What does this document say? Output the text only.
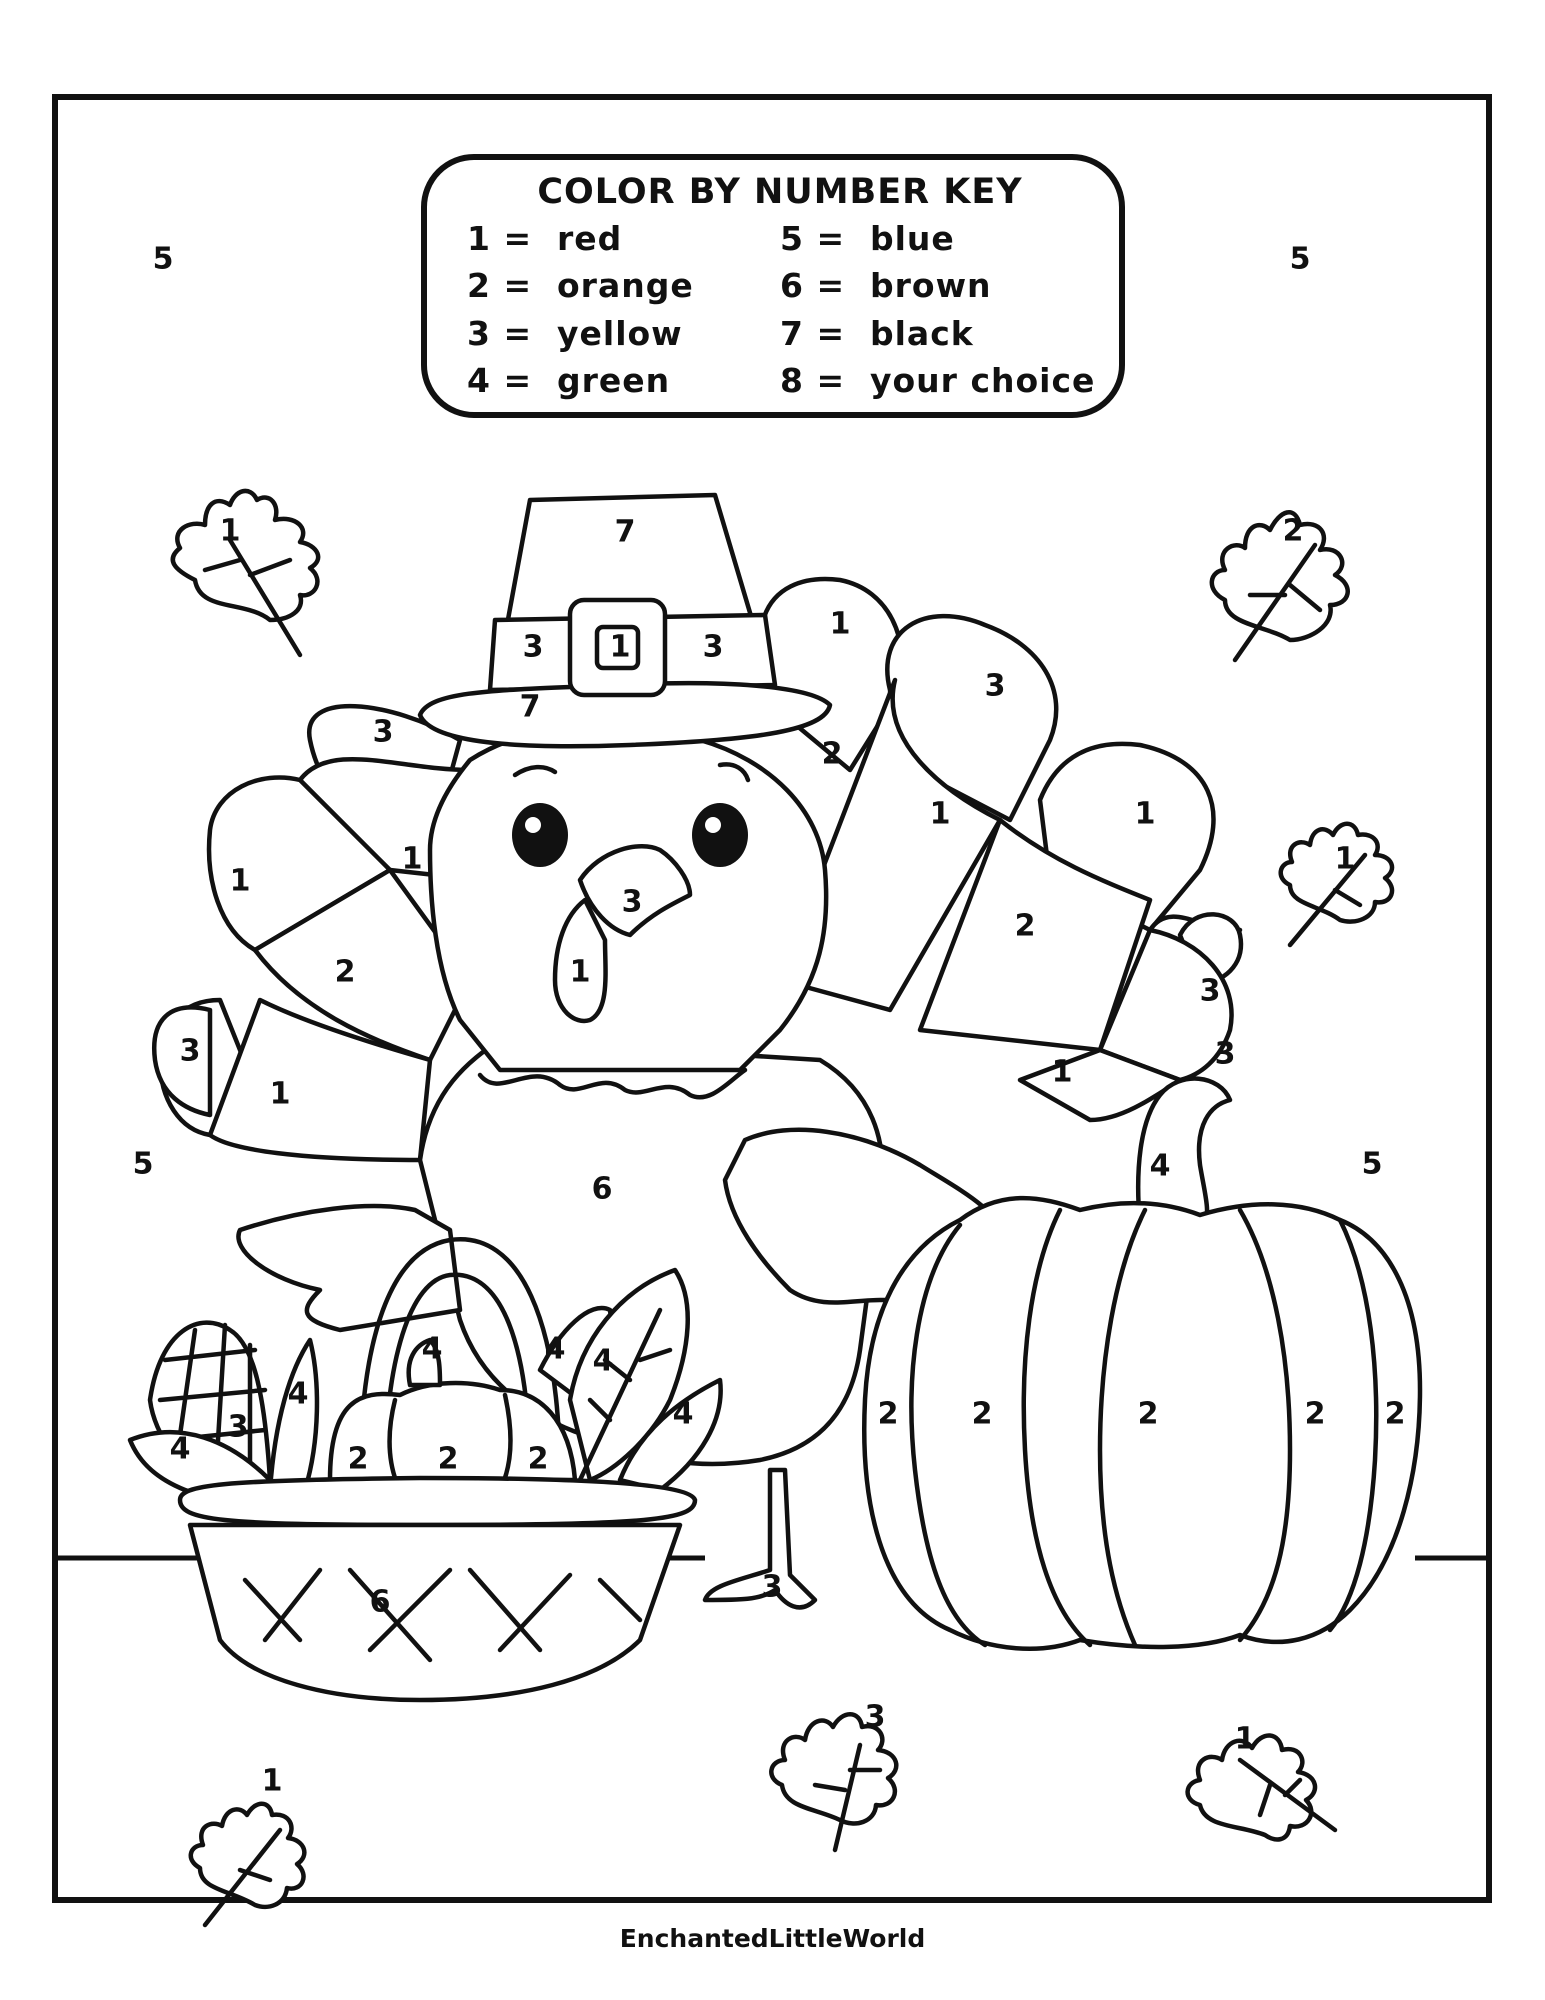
COLOR BY NUMBER KEY
1 = red
2 = orange
3 = yellow
4 = green
5 = blue
6 = brown
7 = black
8 = your choice
5	5
5	5
7
3 1 3
7
1
3
3
1
2
1	1
2
1
3
1
2
3
1
3
3
1
6
1	2
1
3
1
1
4
2 2	2	2 2
4	4 4
4
3
4
4
2 2 2
6	3
EnchantedLittleWorld
